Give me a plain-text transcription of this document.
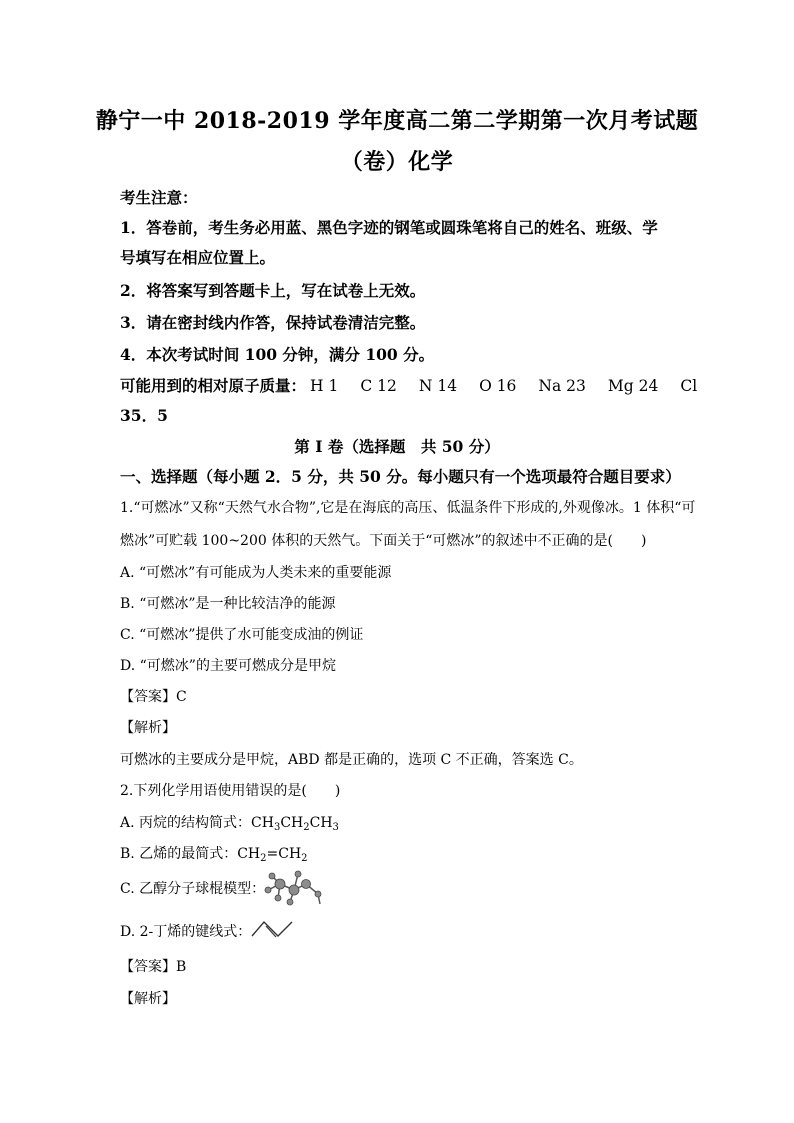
静宁一中 2018-2019 学年度高二第二学期第一次月考试题
（卷）化学
考生注意：
1．答卷前，考生务必用蓝、黑色字迹的钢笔或圆珠笔将自己的姓名、班级、学
号填写在相应位置上。
2．将答案写到答题卡上，写在试卷上无效。
3．请在密封线内作答，保持试卷清洁完整。
4．本次考试时间 100 分钟，满分 100 分。
可能用到的相对原子质量： H 1 C 12 N 14 O 16 Na 23 Mg 24 Cl
35．5
第 I 卷（选择题　共 50 分）
一、选择题（每小题 2．5 分，共 50 分。每小题只有一个选项最符合题目要求）
1.“可燃冰”又称“天然气水合物”,它是在海底的高压、低温条件下形成的,外观像冰。1 体积“可
燃冰”可贮载 100~200 体积的天然气。下面关于“可燃冰”的叙述中不正确的是(　　)
A. “可燃冰”有可能成为人类未来的重要能源
B. “可燃冰”是一种比较洁净的能源
C. “可燃冰”提供了水可能变成油的例证
D. “可燃冰”的主要可燃成分是甲烷
【答案】C
【解析】
可燃冰的主要成分是甲烷，ABD 都是正确的，选项 C 不正确，答案选 C。
2.下列化学用语使用错误的是(　　)
A. 丙烷的结构简式：$CH_3CH_2CH_3$
B. 乙烯的最简式：$CH_2=CH_2$
C. 乙醇分子球棍模型：
D. 2-丁烯的键线式：
【答案】B
【解析】
